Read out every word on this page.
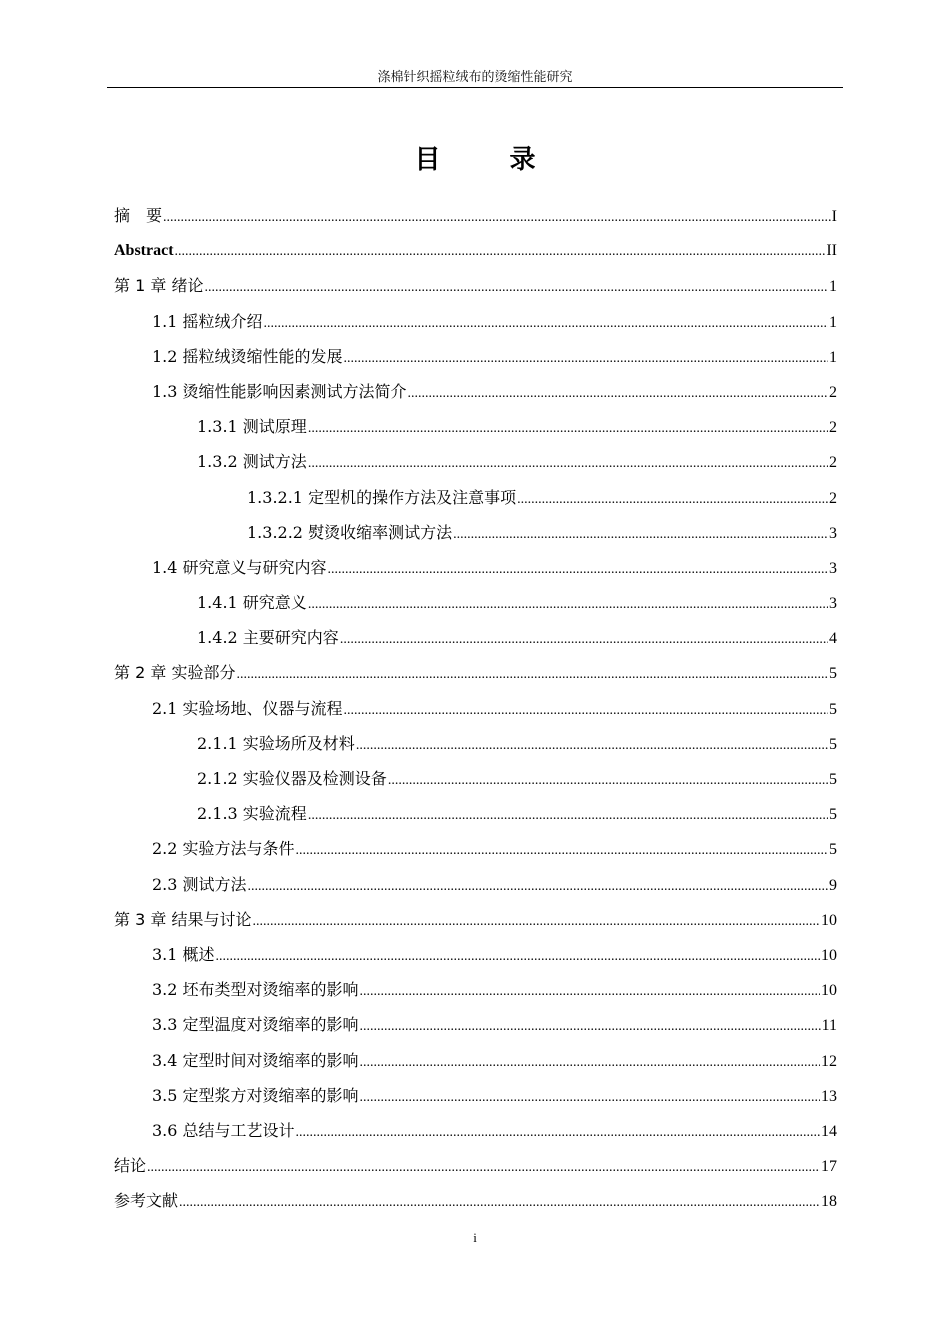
涤棉针织摇粒绒布的烫缩性能研究
目 录
摘　要 .....	I
Abstract .....	II
第 1 章 绪论 .....	1
1.1 摇粒绒介绍 .....	1
1.2 摇粒绒烫缩性能的发展 .....	1
1.3 烫缩性能影响因素测试方法简介 .....	2
1.3.1 测试原理 .....	2
1.3.2 测试方法 .....	2
1.3.2.1 定型机的操作方法及注意事项 .....	2
1.3.2.2 熨烫收缩率测试方法 .....	3
1.4 研究意义与研究内容 .....	3
1.4.1 研究意义 .....	3
1.4.2 主要研究内容 .....	4
第 2 章 实验部分 .....	5
2.1 实验场地、仪器与流程 .....	5
2.1.1 实验场所及材料 .....	5
2.1.2 实验仪器及检测设备 .....	5
2.1.3 实验流程 .....	5
2.2 实验方法与条件 .....	5
2.3 测试方法 .....	9
第 3 章 结果与讨论 .....	10
3.1 概述 .....	10
3.2 坯布类型对烫缩率的影响 .....	10
3.3 定型温度对烫缩率的影响 .....	11
3.4 定型时间对烫缩率的影响 .....	12
3.5 定型浆方对烫缩率的影响 .....	13
3.6 总结与工艺设计 .....	14
结论 .....	17
参考文献 .....	18
i
